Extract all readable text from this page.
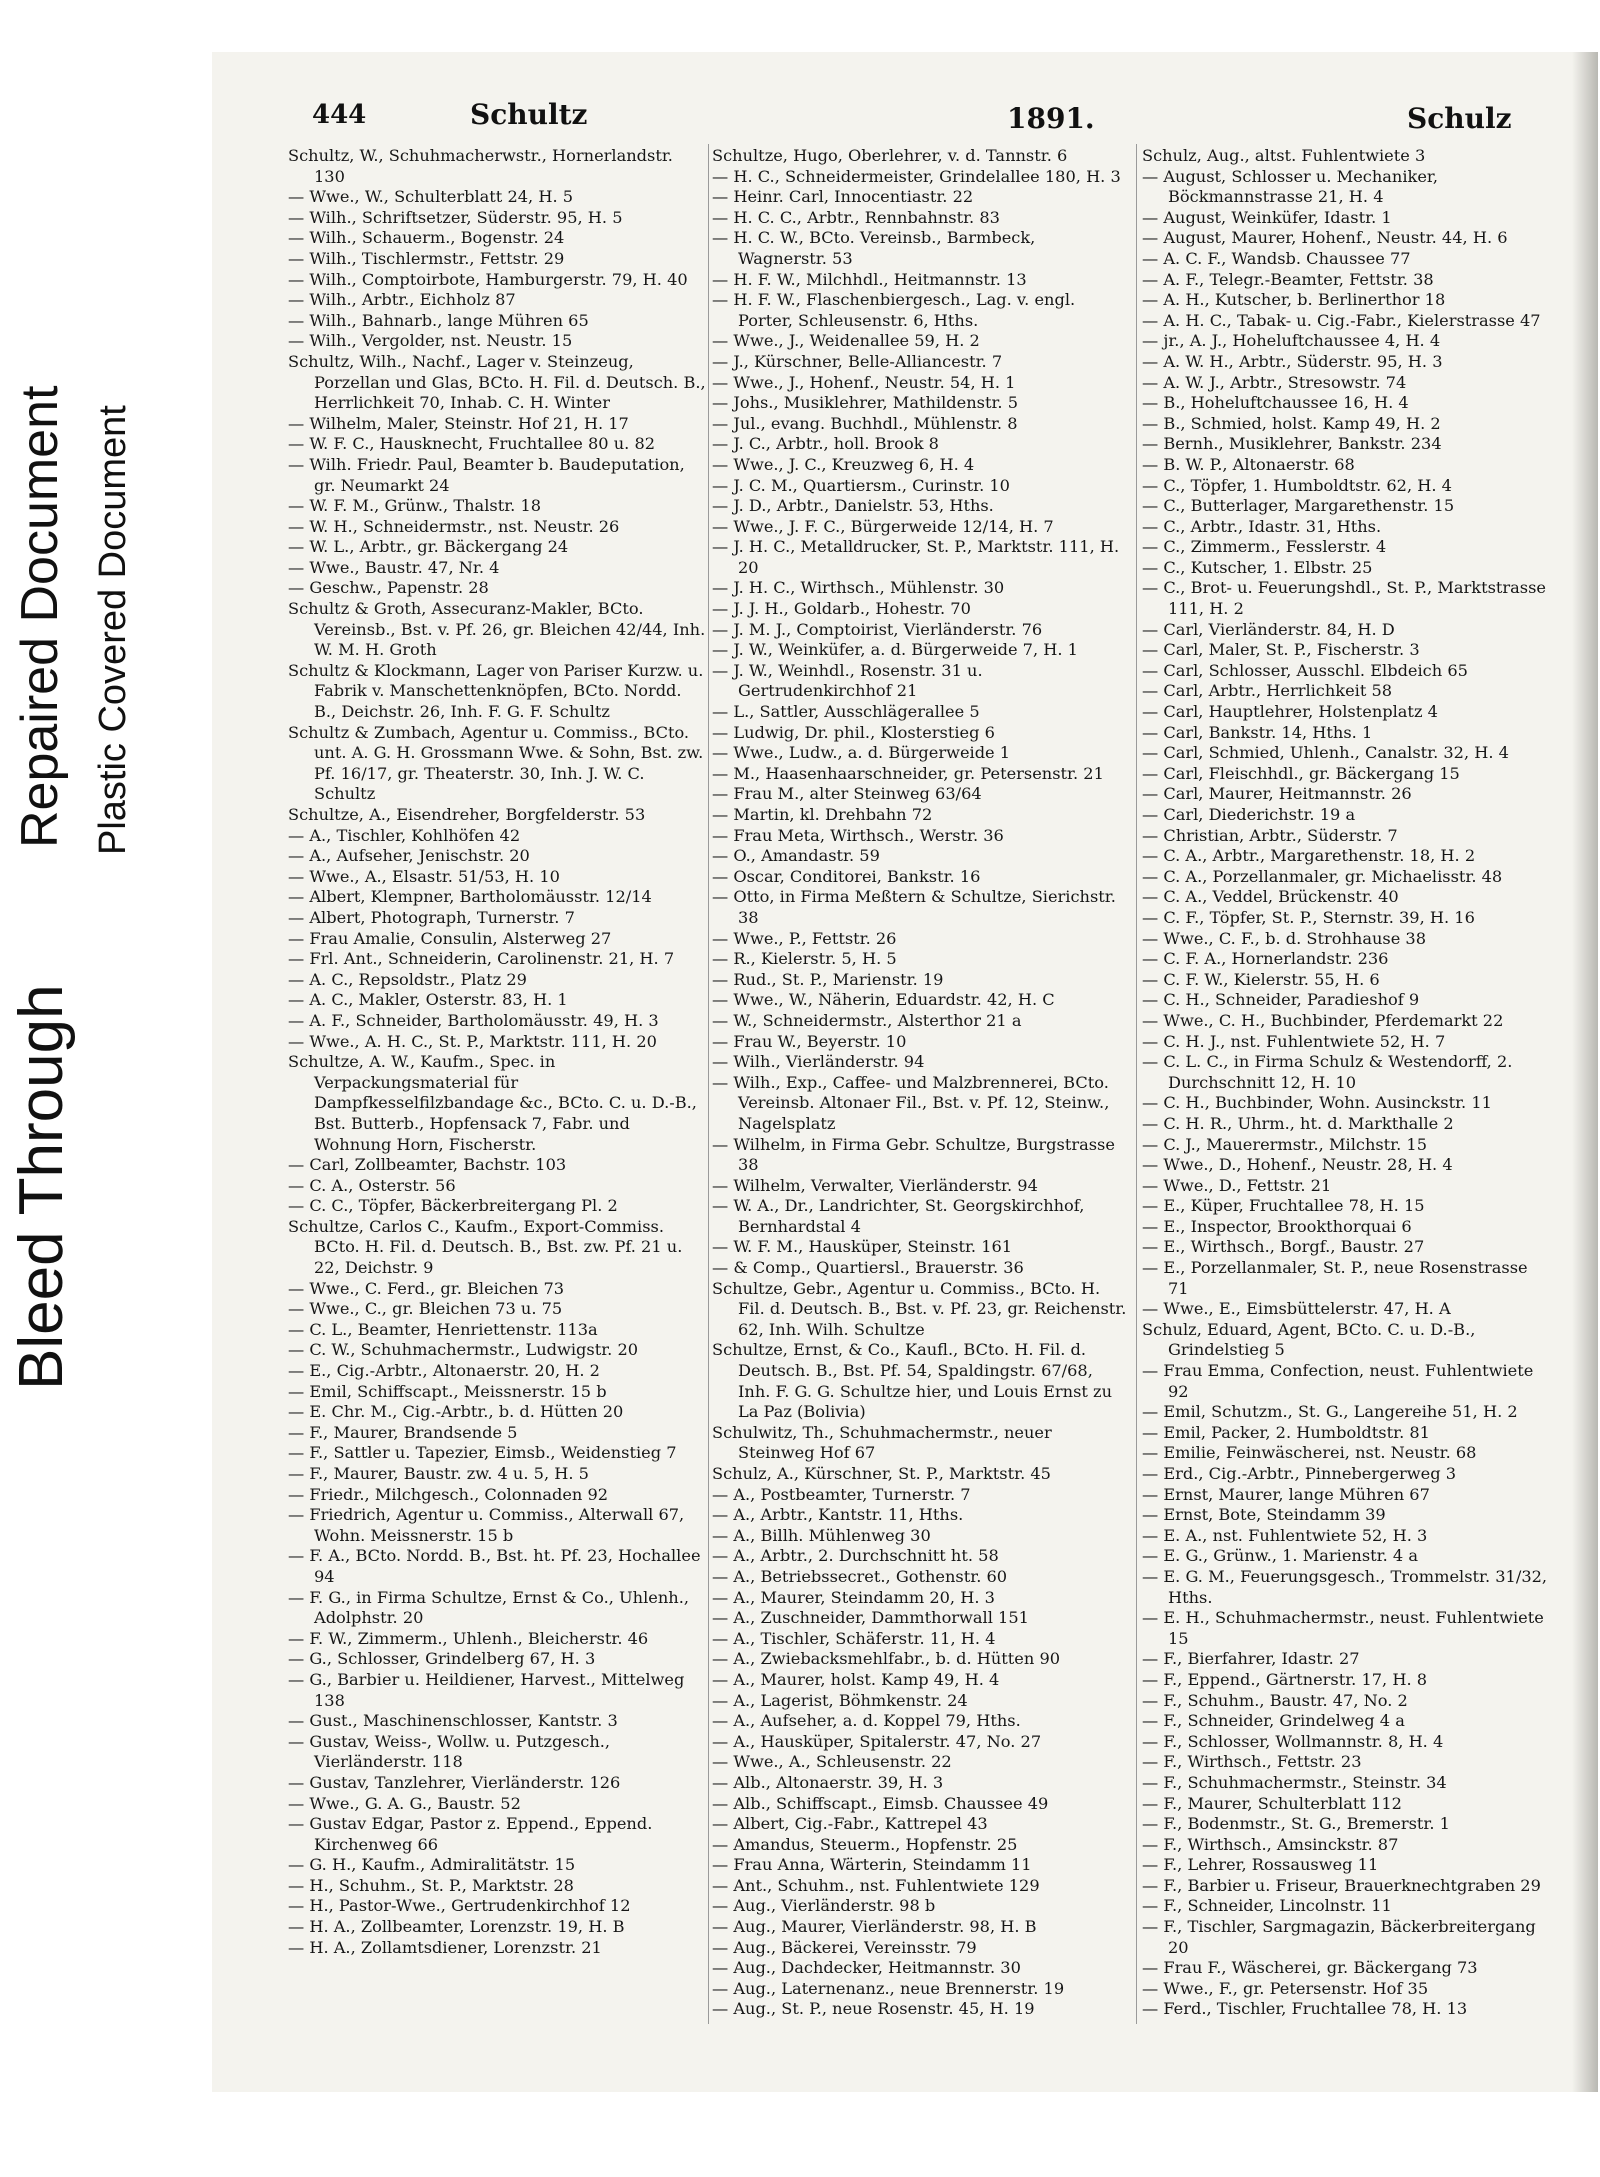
Bleed Through
Repaired Document Plastic Covered Document
444	Schultz	1891.	Schulz
Schultz, W., Schuhmacherwstr., Hornerlandstr. 130
— Wwe., W., Schulterblatt 24, H. 5
— Wilh., Schriftsetzer, Süderstr. 95, H. 5
— Wilh., Schauerm., Bogenstr. 24
— Wilh., Tischlermstr., Fettstr. 29
— Wilh., Comptoirbote, Hamburgerstr. 79, H. 40
— Wilh., Arbtr., Eichholz 87
— Wilh., Bahnarb., lange Mühren 65
— Wilh., Vergolder, nst. Neustr. 15
Schultz, Wilh., Nachf., Lager v. Steinzeug, Porzellan und Glas, BCto. H. Fil. d. Deutsch. B., Herrlichkeit 70, Inhab. C. H. Winter
— Wilhelm, Maler, Steinstr. Hof 21, H. 17
— W. F. C., Hausknecht, Fruchtallee 80 u. 82
— Wilh. Friedr. Paul, Beamter b. Baudeputation, gr. Neumarkt 24
— W. F. M., Grünw., Thalstr. 18
— W. H., Schneidermstr., nst. Neustr. 26
— W. L., Arbtr., gr. Bäckergang 24
— Wwe., Baustr. 47, Nr. 4
— Geschw., Papenstr. 28
Schultz & Groth, Assecuranz-Makler, BCto. Vereinsb., Bst. v. Pf. 26, gr. Bleichen 42/44, Inh. W. M. H. Groth
Schultz & Klockmann, Lager von Pariser Kurzw. u. Fabrik v. Manschettenknöpfen, BCto. Nordd. B., Deichstr. 26, Inh. F. G. F. Schultz
Schultz & Zumbach, Agentur u. Commiss., BCto. unt. A. G. H. Grossmann Wwe. & Sohn, Bst. zw. Pf. 16/17, gr. Theaterstr. 30, Inh. J. W. C. Schultz
Schultze, A., Eisendreher, Borgfelderstr. 53
— A., Tischler, Kohlhöfen 42
— A., Aufseher, Jenischstr. 20
— Wwe., A., Elsastr. 51/53, H. 10
— Albert, Klempner, Bartholomäusstr. 12/14
— Albert, Photograph, Turnerstr. 7
— Frau Amalie, Consulin, Alsterweg 27
— Frl. Ant., Schneiderin, Carolinenstr. 21, H. 7
— A. C., Repsoldstr., Platz 29
— A. C., Makler, Osterstr. 83, H. 1
— A. F., Schneider, Bartholomäusstr. 49, H. 3
— Wwe., A. H. C., St. P., Marktstr. 111, H. 20
Schultze, A. W., Kaufm., Spec. in Verpackungsmaterial für Dampfkesselfilzbandage &c., BCto. C. u. D.-B., Bst. Butterb., Hopfensack 7, Fabr. und Wohnung Horn, Fischerstr.
— Carl, Zollbeamter, Bachstr. 103
— C. A., Osterstr. 56
— C. C., Töpfer, Bäckerbreitergang Pl. 2
Schultze, Carlos C., Kaufm., Export-Commiss. BCto. H. Fil. d. Deutsch. B., Bst. zw. Pf. 21 u. 22, Deichstr. 9
— Wwe., C. Ferd., gr. Bleichen 73
— Wwe., C., gr. Bleichen 73 u. 75
— C. L., Beamter, Henriettenstr. 113a
— C. W., Schuhmachermstr., Ludwigstr. 20
— E., Cig.-Arbtr., Altonaerstr. 20, H. 2
— Emil, Schiffscapt., Meissnerstr. 15 b
— E. Chr. M., Cig.-Arbtr., b. d. Hütten 20
— F., Maurer, Brandsende 5
— F., Sattler u. Tapezier, Eimsb., Weidenstieg 7
— F., Maurer, Baustr. zw. 4 u. 5, H. 5
— Friedr., Milchgesch., Colonnaden 92
— Friedrich, Agentur u. Commiss., Alterwall 67, Wohn. Meissnerstr. 15 b
— F. A., BCto. Nordd. B., Bst. ht. Pf. 23, Hochallee 94
— F. G., in Firma Schultze, Ernst & Co., Uhlenh., Adolphstr. 20
— F. W., Zimmerm., Uhlenh., Bleicherstr. 46
— G., Schlosser, Grindelberg 67, H. 3
— G., Barbier u. Heildiener, Harvest., Mittelweg 138
— Gust., Maschinenschlosser, Kantstr. 3
— Gustav, Weiss-, Wollw. u. Putzgesch., Vierländerstr. 118
— Gustav, Tanzlehrer, Vierländerstr. 126
— Wwe., G. A. G., Baustr. 52
— Gustav Edgar, Pastor z. Eppend., Eppend. Kirchenweg 66
— G. H., Kaufm., Admiralitätstr. 15
— H., Schuhm., St. P., Marktstr. 28
— H., Pastor-Wwe., Gertrudenkirchhof 12
— H. A., Zollbeamter, Lorenzstr. 19, H. B
— H. A., Zollamtsdiener, Lorenzstr. 21
Schultze, Hugo, Oberlehrer, v. d. Tannstr. 6
— H. C., Schneidermeister, Grindelallee 180, H. 3
— Heinr. Carl, Innocentiastr. 22
— H. C. C., Arbtr., Rennbahnstr. 83
— H. C. W., BCto. Vereinsb., Barmbeck, Wagnerstr. 53
— H. F. W., Milchhdl., Heitmannstr. 13
— H. F. W., Flaschenbiergesch., Lag. v. engl. Porter, Schleusenstr. 6, Hths.
— Wwe., J., Weidenallee 59, H. 2
— J., Kürschner, Belle-Alliancestr. 7
— Wwe., J., Hohenf., Neustr. 54, H. 1
— Johs., Musiklehrer, Mathildenstr. 5
— Jul., evang. Buchhdl., Mühlenstr. 8
— J. C., Arbtr., holl. Brook 8
— Wwe., J. C., Kreuzweg 6, H. 4
— J. C. M., Quartiersm., Curinstr. 10
— J. D., Arbtr., Danielstr. 53, Hths.
— Wwe., J. F. C., Bürgerweide 12/14, H. 7
— J. H. C., Metalldrucker, St. P., Marktstr. 111, H. 20
— J. H. C., Wirthsch., Mühlenstr. 30
— J. J. H., Goldarb., Hohestr. 70
— J. M. J., Comptoirist, Vierländerstr. 76
— J. W., Weinküfer, a. d. Bürgerweide 7, H. 1
— J. W., Weinhdl., Rosenstr. 31 u. Gertrudenkirchhof 21
— L., Sattler, Ausschlägerallee 5
— Ludwig, Dr. phil., Klosterstieg 6
— Wwe., Ludw., a. d. Bürgerweide 1
— M., Haasenhaarschneider, gr. Petersenstr. 21
— Frau M., alter Steinweg 63/64
— Martin, kl. Drehbahn 72
— Frau Meta, Wirthsch., Werstr. 36
— O., Amandastr. 59
— Oscar, Conditorei, Bankstr. 16
— Otto, in Firma Meßtern & Schultze, Sierichstr. 38
— Wwe., P., Fettstr. 26
— R., Kielerstr. 5, H. 5
— Rud., St. P., Marienstr. 19
— Wwe., W., Näherin, Eduardstr. 42, H. C
— W., Schneidermstr., Alsterthor 21 a
— Frau W., Beyerstr. 10
— Wilh., Vierländerstr. 94
— Wilh., Exp., Caffee- und Malzbrennerei, BCto. Vereinsb. Altonaer Fil., Bst. v. Pf. 12, Steinw., Nagelsplatz
— Wilhelm, in Firma Gebr. Schultze, Burgstrasse 38
— Wilhelm, Verwalter, Vierländerstr. 94
— W. A., Dr., Landrichter, St. Georgskirchhof, Bernhardstal 4
— W. F. M., Hausküper, Steinstr. 161
— & Comp., Quartiersl., Brauerstr. 36
Schultze, Gebr., Agentur u. Commiss., BCto. H. Fil. d. Deutsch. B., Bst. v. Pf. 23, gr. Reichenstr. 62, Inh. Wilh. Schultze
Schultze, Ernst, & Co., Kaufl., BCto. H. Fil. d. Deutsch. B., Bst. Pf. 54, Spaldingstr. 67/68, Inh. F. G. G. Schultze hier, und Louis Ernst zu La Paz (Bolivia)
Schulwitz, Th., Schuhmachermstr., neuer Steinweg Hof 67
Schulz, A., Kürschner, St. P., Marktstr. 45
— A., Postbeamter, Turnerstr. 7
— A., Arbtr., Kantstr. 11, Hths.
— A., Billh. Mühlenweg 30
— A., Arbtr., 2. Durchschnitt ht. 58
— A., Betriebssecret., Gothenstr. 60
— A., Maurer, Steindamm 20, H. 3
— A., Zuschneider, Dammthorwall 151
— A., Tischler, Schäferstr. 11, H. 4
— A., Zwiebacksmehlfabr., b. d. Hütten 90
— A., Maurer, holst. Kamp 49, H. 4
— A., Lagerist, Böhmkenstr. 24
— A., Aufseher, a. d. Koppel 79, Hths.
— A., Hausküper, Spitalerstr. 47, No. 27
— Wwe., A., Schleusenstr. 22
— Alb., Altonaerstr. 39, H. 3
— Alb., Schiffscapt., Eimsb. Chaussee 49
— Albert, Cig.-Fabr., Kattrepel 43
— Amandus, Steuerm., Hopfenstr. 25
— Frau Anna, Wärterin, Steindamm 11
— Ant., Schuhm., nst. Fuhlentwiete 129
— Aug., Vierländerstr. 98 b
— Aug., Maurer, Vierländerstr. 98, H. B
— Aug., Bäckerei, Vereinsstr. 79
— Aug., Dachdecker, Heitmannstr. 30
— Aug., Laternenanz., neue Brennerstr. 19
— Aug., St. P., neue Rosenstr. 45, H. 19
Schulz, Aug., altst. Fuhlentwiete 3
— August, Schlosser u. Mechaniker, Böckmannstrasse 21, H. 4
— August, Weinküfer, Idastr. 1
— August, Maurer, Hohenf., Neustr. 44, H. 6
— A. C. F., Wandsb. Chaussee 77
— A. F., Telegr.-Beamter, Fettstr. 38
— A. H., Kutscher, b. Berlinerthor 18
— A. H. C., Tabak- u. Cig.-Fabr., Kielerstrasse 47
— jr., A. J., Hoheluftchaussee 4, H. 4
— A. W. H., Arbtr., Süderstr. 95, H. 3
— A. W. J., Arbtr., Stresowstr. 74
— B., Hoheluftchaussee 16, H. 4
— B., Schmied, holst. Kamp 49, H. 2
— Bernh., Musiklehrer, Bankstr. 234
— B. W. P., Altonaerstr. 68
— C., Töpfer, 1. Humboldtstr. 62, H. 4
— C., Butterlager, Margarethenstr. 15
— C., Arbtr., Idastr. 31, Hths.
— C., Zimmerm., Fesslerstr. 4
— C., Kutscher, 1. Elbstr. 25
— C., Brot- u. Feuerungshdl., St. P., Marktstrasse 111, H. 2
— Carl, Vierländerstr. 84, H. D
— Carl, Maler, St. P., Fischerstr. 3
— Carl, Schlosser, Ausschl. Elbdeich 65
— Carl, Arbtr., Herrlichkeit 58
— Carl, Hauptlehrer, Holstenplatz 4
— Carl, Bankstr. 14, Hths. 1
— Carl, Schmied, Uhlenh., Canalstr. 32, H. 4
— Carl, Fleischhdl., gr. Bäckergang 15
— Carl, Maurer, Heitmannstr. 26
— Carl, Diederichstr. 19 a
— Christian, Arbtr., Süderstr. 7
— C. A., Arbtr., Margarethenstr. 18, H. 2
— C. A., Porzellanmaler, gr. Michaelisstr. 48
— C. A., Veddel, Brückenstr. 40
— C. F., Töpfer, St. P., Sternstr. 39, H. 16
— Wwe., C. F., b. d. Strohhause 38
— C. F. A., Hornerlandstr. 236
— C. F. W., Kielerstr. 55, H. 6
— C. H., Schneider, Paradieshof 9
— Wwe., C. H., Buchbinder, Pferdemarkt 22
— C. H. J., nst. Fuhlentwiete 52, H. 7
— C. L. C., in Firma Schulz & Westendorff, 2. Durchschnitt 12, H. 10
— C. H., Buchbinder, Wohn. Ausinckstr. 11
— C. H. R., Uhrm., ht. d. Markthalle 2
— C. J., Mauerermstr., Milchstr. 15
— Wwe., D., Hohenf., Neustr. 28, H. 4
— Wwe., D., Fettstr. 21
— E., Küper, Fruchtallee 78, H. 15
— E., Inspector, Brookthorquai 6
— E., Wirthsch., Borgf., Baustr. 27
— E., Porzellanmaler, St. P., neue Rosenstrasse 71
— Wwe., E., Eimsbüttelerstr. 47, H. A
Schulz, Eduard, Agent, BCto. C. u. D.-B., Grindelstieg 5
— Frau Emma, Confection, neust. Fuhlentwiete 92
— Emil, Schutzm., St. G., Langereihe 51, H. 2
— Emil, Packer, 2. Humboldtstr. 81
— Emilie, Feinwäscherei, nst. Neustr. 68
— Erd., Cig.-Arbtr., Pinnebergerweg 3
— Ernst, Maurer, lange Mühren 67
— Ernst, Bote, Steindamm 39
— E. A., nst. Fuhlentwiete 52, H. 3
— E. G., Grünw., 1. Marienstr. 4 a
— E. G. M., Feuerungsgesch., Trommelstr. 31/32, Hths.
— E. H., Schuhmachermstr., neust. Fuhlentwiete 15
— F., Bierfahrer, Idastr. 27
— F., Eppend., Gärtnerstr. 17, H. 8
— F., Schuhm., Baustr. 47, No. 2
— F., Schneider, Grindelweg 4 a
— F., Schlosser, Wollmannstr. 8, H. 4
— F., Wirthsch., Fettstr. 23
— F., Schuhmachermstr., Steinstr. 34
— F., Maurer, Schulterblatt 112
— F., Bodenmstr., St. G., Bremerstr. 1
— F., Wirthsch., Amsinckstr. 87
— F., Lehrer, Rossausweg 11
— F., Barbier u. Friseur, Brauerknechtgraben 29
— F., Schneider, Lincolnstr. 11
— F., Tischler, Sargmagazin, Bäckerbreitergang 20
— Frau F., Wäscherei, gr. Bäckergang 73
— Wwe., F., gr. Petersenstr. Hof 35
— Ferd., Tischler, Fruchtallee 78, H. 13
